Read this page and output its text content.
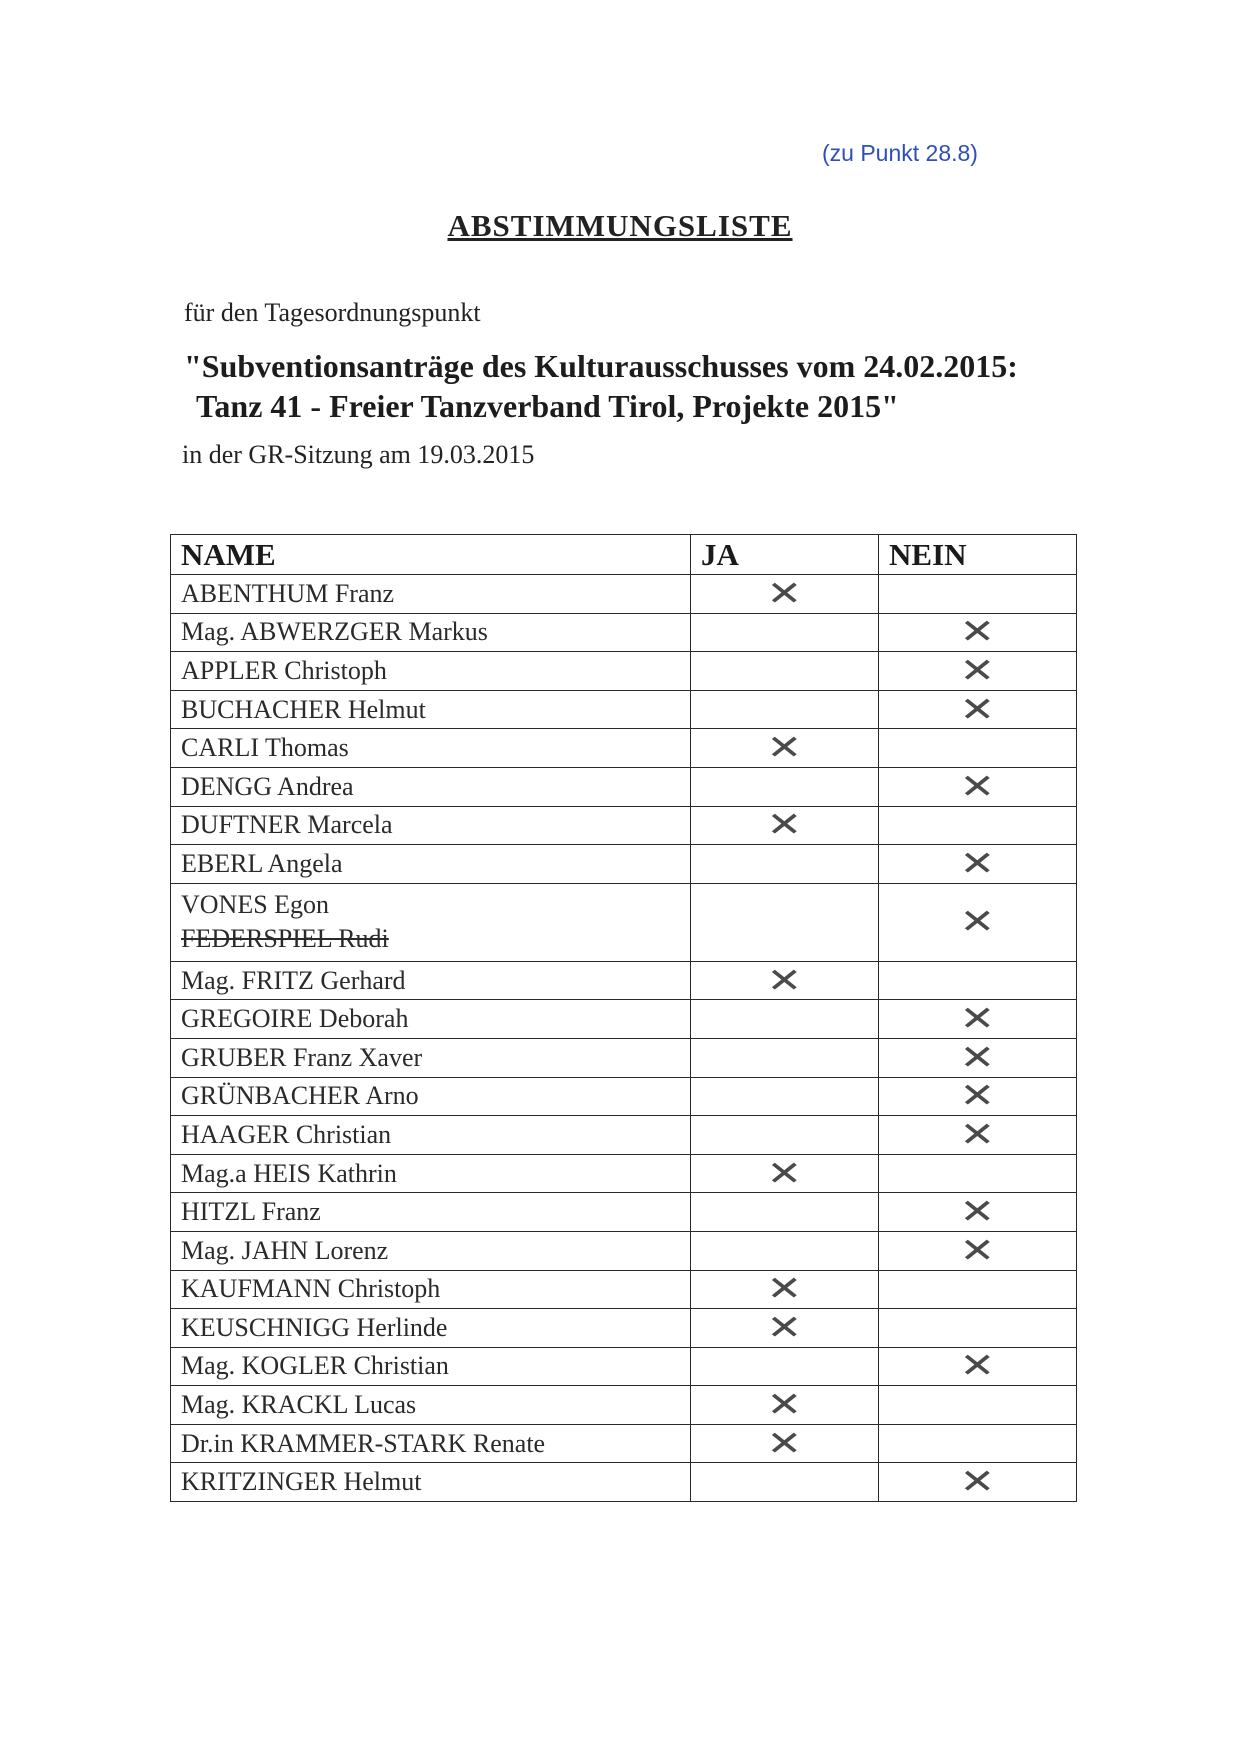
(zu Punkt 28.8)
ABSTIMMUNGSLISTE
für den Tagesordnungspunkt
"Subventionsanträge des Kulturausschusses vom 24.02.2015:
Tanz 41 - Freier Tanzverband Tirol, Projekte 2015"
in der GR-Sitzung am 19.03.2015
NAME	JA	NEIN

ABENTHUM Franz	✕	

Mag. ABWERZGER Markus		✕

APPLER Christoph		✕

BUCHACHER Helmut		✕

CARLI Thomas	✕	

DENGG Andrea		✕

DUFTNER Marcela	✕	

EBERL Angela		✕

VONES Egon
FEDERSPIEL Rudi		✕

Mag. FRITZ Gerhard	✕	

GREGOIRE Deborah		✕

GRUBER Franz Xaver		✕

GRÜNBACHER Arno		✕

HAAGER Christian		✕

Mag.a HEIS Kathrin	✕	

HITZL Franz		✕

Mag. JAHN Lorenz		✕

KAUFMANN Christoph	✕	

KEUSCHNIGG Herlinde	✕	

Mag. KOGLER Christian		✕

Mag. KRACKL Lucas	✕	

Dr.in KRAMMER-STARK Renate	✕	

KRITZINGER Helmut		✕
